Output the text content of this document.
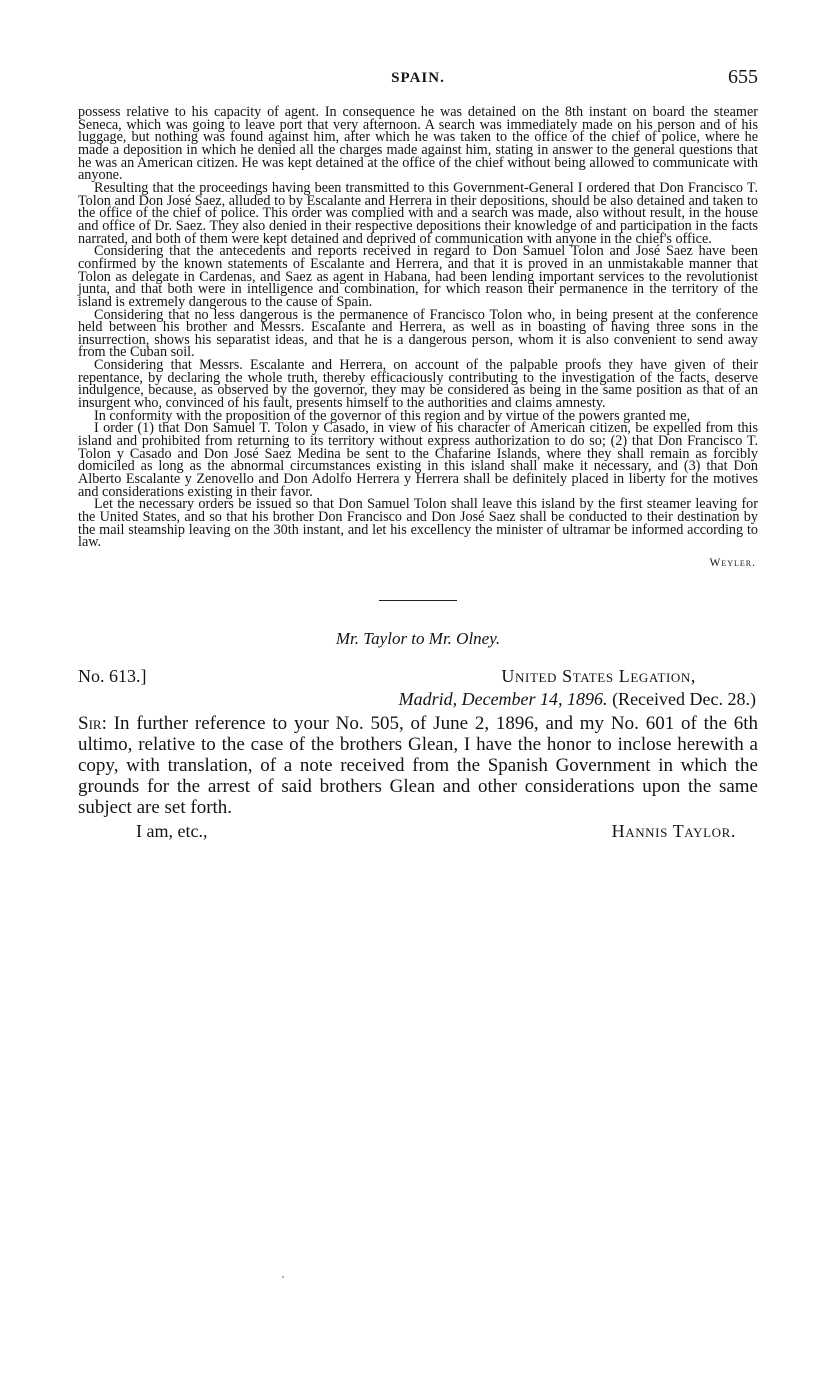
SPAIN.	655

possess relative to his capacity of agent. In consequence he was detained on the 8th instant on board the steamer Seneca, which was going to leave port that very afternoon. A search was immediately made on his person and of his luggage, but nothing was found against him, after which he was taken to the office of the chief of police, where he made a deposition in which he denied all the charges made against him, stating in answer to the general questions that he was an American citizen. He was kept detained at the office of the chief without being allowed to communicate with anyone.

Resulting that the proceedings having been transmitted to this Government-General I ordered that Don Francisco T. Tolon and Don José Saez, alluded to by Escalante and Herrera in their depositions, should be also detained and taken to the office of the chief of police. This order was complied with and a search was made, also without result, in the house and office of Dr. Saez. They also denied in their respective depositions their knowledge of and participation in the facts narrated, and both of them were kept detained and deprived of communication with anyone in the chief's office.

Considering that the antecedents and reports received in regard to Don Samuel Tolon and José Saez have been confirmed by the known statements of Escalante and Herrera, and that it is proved in an unmistakable manner that Tolon as delegate in Cardenas, and Saez as agent in Habana, had been lending important services to the revolutionist junta, and that both were in intelligence and combination, for which reason their permanence in the territory of the island is extremely dangerous to the cause of Spain.

Considering that no less dangerous is the permanence of Francisco Tolon who, in being present at the conference held between his brother and Messrs. Escalante and Herrera, as well as in boasting of having three sons in the insurrection, shows his separatist ideas, and that he is a dangerous person, whom it is also convenient to send away from the Cuban soil.

Considering that Messrs. Escalante and Herrera, on account of the palpable proofs they have given of their repentance, by declaring the whole truth, thereby efficaciously contributing to the investigation of the facts, deserve indulgence, because, as observed by the governor, they may be considered as being in the same position as that of an insurgent who, convinced of his fault, presents himself to the authorities and claims amnesty.

In conformity with the proposition of the governor of this region and by virtue of the powers granted me,

I order (1) that Don Samuel T. Tolon y Casado, in view of his character of American citizen, be expelled from this island and prohibited from returning to its territory without express authorization to do so; (2) that Don Francisco T. Tolon y Casado and Don José Saez Medina be sent to the Chafarine Islands, where they shall remain as forcibly domiciled as long as the abnormal circumstances existing in this island shall make it necessary, and (3) that Don Alberto Escalante y Zenovello and Don Adolfo Herrera y Herrera shall be definitely placed in liberty for the motives and considerations existing in their favor.

Let the necessary orders be issued so that Don Samuel Tolon shall leave this island by the first steamer leaving for the United States, and so that his brother Don Francisco and Don José Saez shall be conducted to their destination by the mail steamship leaving on the 30th instant, and let his excellency the minister of ultramar be informed according to law.

Weyler.
Mr. Taylor to Mr. Olney.
No. 613.]	United States Legation,
Madrid, December 14, 1896. (Received Dec. 28.)

Sir: In further reference to your No. 505, of June 2, 1896, and my No. 601 of the 6th ultimo, relative to the case of the brothers Glean, I have the honor to inclose herewith a copy, with translation, of a note received from the Spanish Government in which the grounds for the arrest of said brothers Glean and other considerations upon the same subject are set forth.

I am, etc.,	Hannis Taylor.
